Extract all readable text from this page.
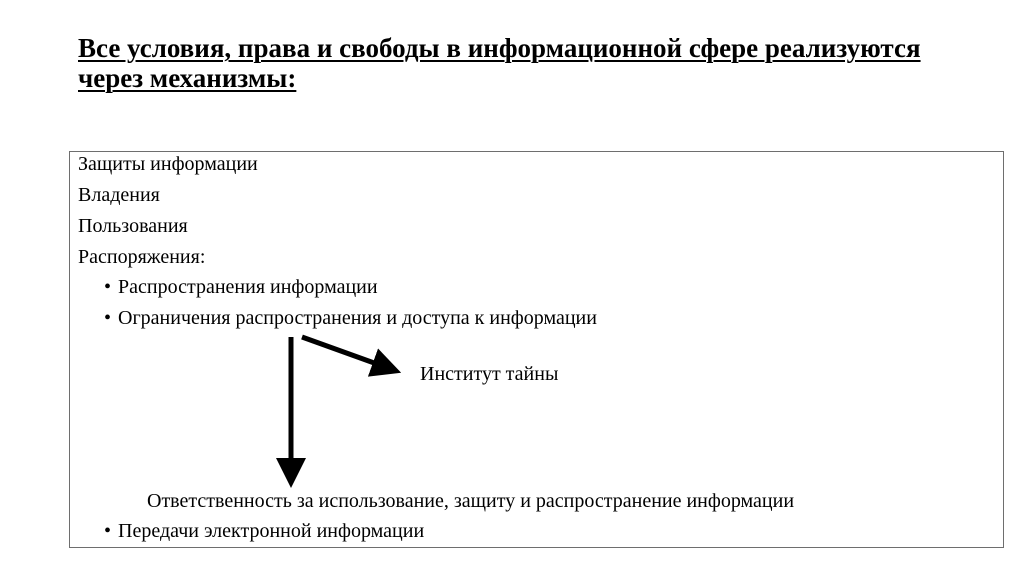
Все условия, права и свободы в информационной сфере реализуются через механизмы:

Защиты информации

Владения

Пользования

Распоряжения:

• Распространения информации

• Ограничения распространения и доступа к информации

Институт тайны

Ответственность за использование, защиту и распространение информации

• Передачи электронной информации
